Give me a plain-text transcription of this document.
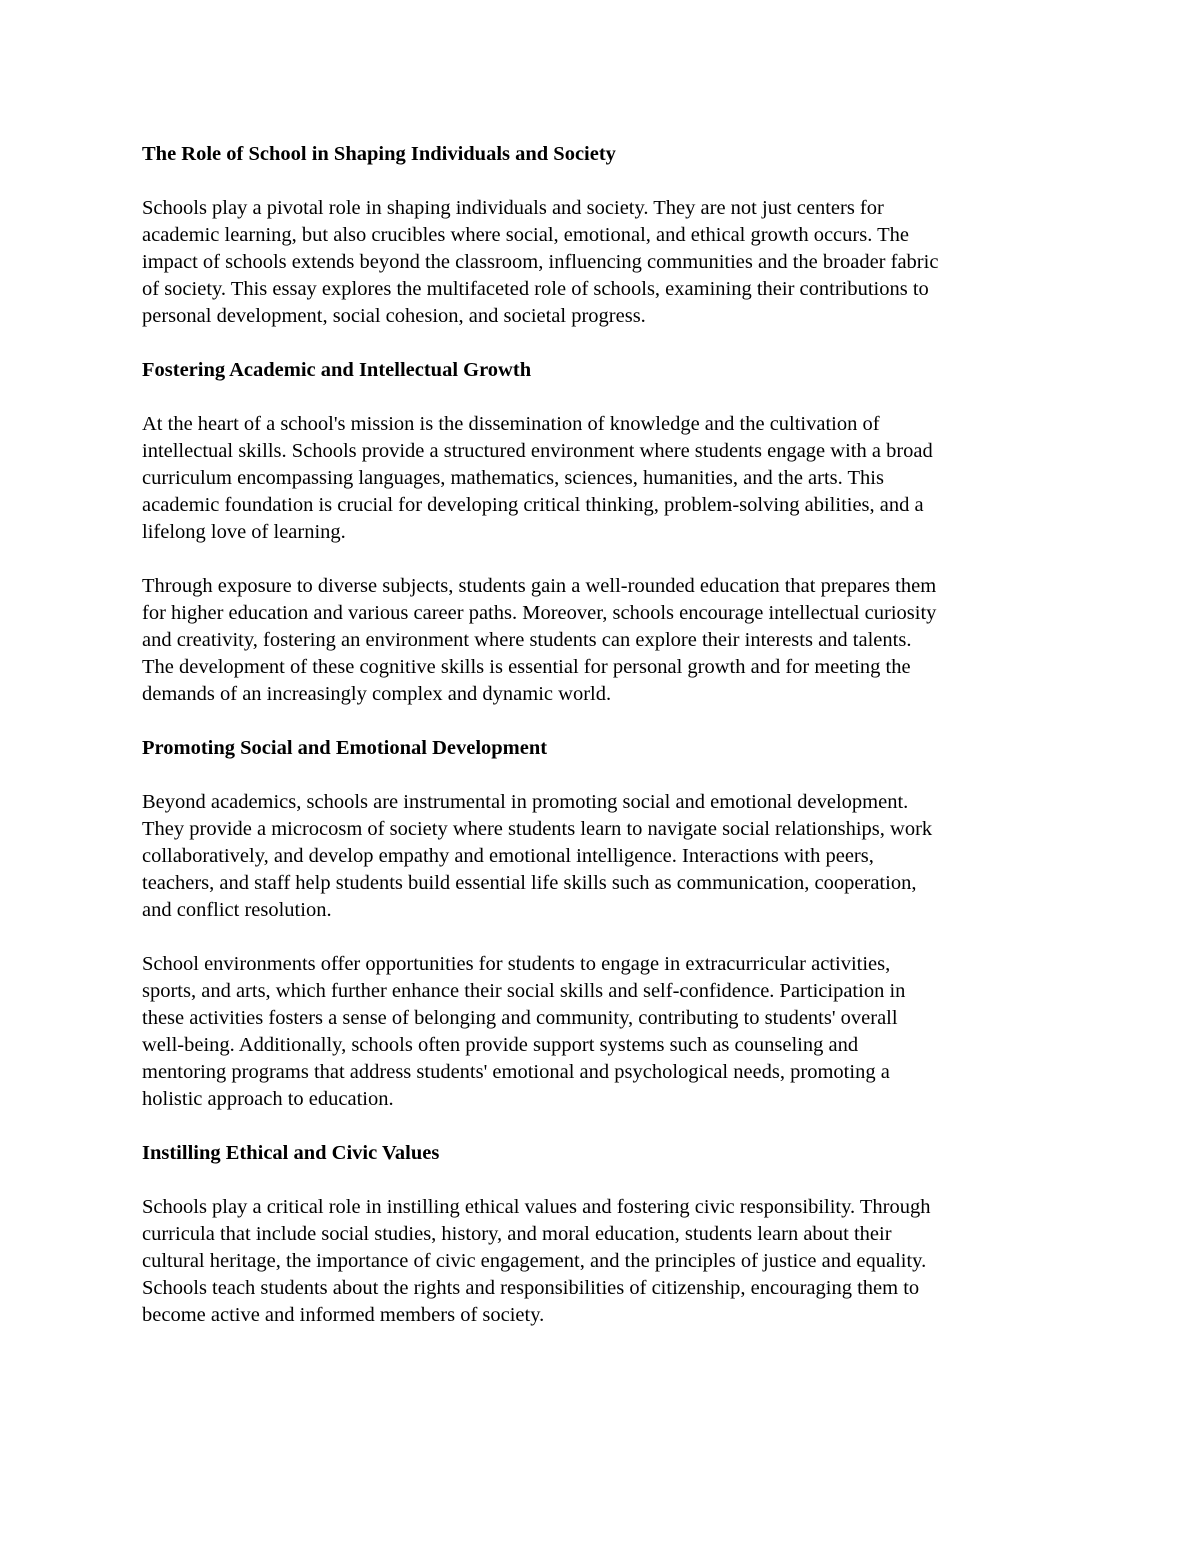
The Role of School in Shaping Individuals and Society
Schools play a pivotal role in shaping individuals and society. They are not just centers for
academic learning, but also crucibles where social, emotional, and ethical growth occurs. The
impact of schools extends beyond the classroom, influencing communities and the broader fabric
of society. This essay explores the multifaceted role of schools, examining their contributions to
personal development, social cohesion, and societal progress.
Fostering Academic and Intellectual Growth
At the heart of a school's mission is the dissemination of knowledge and the cultivation of
intellectual skills. Schools provide a structured environment where students engage with a broad
curriculum encompassing languages, mathematics, sciences, humanities, and the arts. This
academic foundation is crucial for developing critical thinking, problem-solving abilities, and a
lifelong love of learning.
Through exposure to diverse subjects, students gain a well-rounded education that prepares them
for higher education and various career paths. Moreover, schools encourage intellectual curiosity
and creativity, fostering an environment where students can explore their interests and talents.
The development of these cognitive skills is essential for personal growth and for meeting the
demands of an increasingly complex and dynamic world.
Promoting Social and Emotional Development
Beyond academics, schools are instrumental in promoting social and emotional development.
They provide a microcosm of society where students learn to navigate social relationships, work
collaboratively, and develop empathy and emotional intelligence. Interactions with peers,
teachers, and staff help students build essential life skills such as communication, cooperation,
and conflict resolution.
School environments offer opportunities for students to engage in extracurricular activities,
sports, and arts, which further enhance their social skills and self-confidence. Participation in
these activities fosters a sense of belonging and community, contributing to students' overall
well-being. Additionally, schools often provide support systems such as counseling and
mentoring programs that address students' emotional and psychological needs, promoting a
holistic approach to education.
Instilling Ethical and Civic Values
Schools play a critical role in instilling ethical values and fostering civic responsibility. Through
curricula that include social studies, history, and moral education, students learn about their
cultural heritage, the importance of civic engagement, and the principles of justice and equality.
Schools teach students about the rights and responsibilities of citizenship, encouraging them to
become active and informed members of society.
